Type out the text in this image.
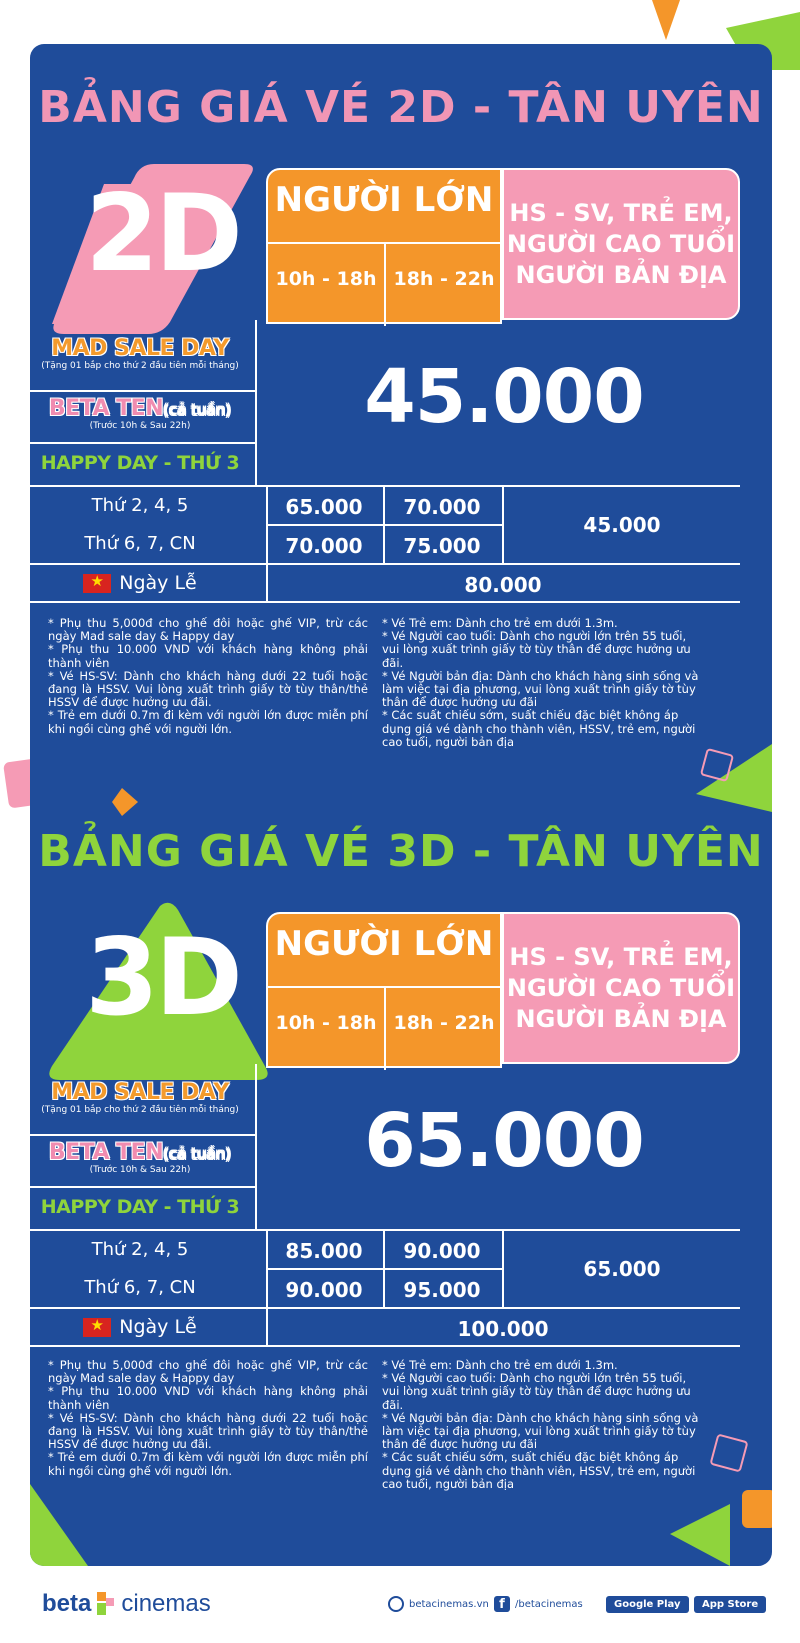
BẢNG GIÁ VÉ 2D - TÂN UYÊN
2D	NGƯỜI LỚN
10h - 18h 18h - 22h
HS - SV, TRẺ EM,
NGƯỜI CAO TUỔI
NGƯỜI BẢN ĐỊA
MAD SALE DAY
(Tặng 01 bắp cho thứ 2 đầu tiên mỗi tháng)
BETA TEN(cả tuần)
(Trước 10h & Sau 22h)
HAPPY DAY - THỨ 3
45.000
Thứ 2, 4, 5	65.000	70.000
Thứ 6, 7, CN	70.000	75.000
45.000
★
Ngày Lễ	80.000

* Phụ thu 5,000đ cho ghế đôi hoặc ghế VIP, trừ các ngày Mad sale day & Happy day

* Phụ thu 10.000 VND với khách hàng không phải thành viên

* Vé HS-SV: Dành cho khách hàng dưới 22 tuổi hoặc đang là HSSV. Vui lòng xuất trình giấy tờ tùy thân/thẻ HSSV để được hưởng ưu đãi.

* Trẻ em dưới 0.7m đi kèm với người lớn được miễn phí khi ngồi cùng ghế với người lớn.

* Vé Trẻ em: Dành cho trẻ em dưới 1.3m.

* Vé Người cao tuổi: Dành cho người lớn trên 55 tuổi, vui lòng xuất trình giấy tờ tùy thân để được hưởng ưu đãi.

* Vé Người bản địa: Dành cho khách hàng sinh sống và làm việc tại địa phương, vui lòng xuất trình giấy tờ tùy thân để được hưởng ưu đãi

* Các suất chiếu sớm, suất chiếu đặc biệt không áp dụng giá vé dành cho thành viên, HSSV, trẻ em, người cao tuổi, người bản địa

BẢNG GIÁ VÉ 3D - TÂN UYÊN
3D	NGƯỜI LỚN
10h - 18h 18h - 22h
HS - SV, TRẺ EM,
NGƯỜI CAO TUỔI
NGƯỜI BẢN ĐỊA
MAD SALE DAY
(Tặng 01 bắp cho thứ 2 đầu tiên mỗi tháng)
BETA TEN(cả tuần)
(Trước 10h & Sau 22h)
HAPPY DAY - THỨ 3
65.000
Thứ 2, 4, 5	85.000	90.000
Thứ 6, 7, CN	90.000	95.000
65.000
★
Ngày Lễ	100.000

* Phụ thu 5,000đ cho ghế đôi hoặc ghế VIP, trừ các ngày Mad sale day & Happy day

* Phụ thu 10.000 VND với khách hàng không phải thành viên

* Vé HS-SV: Dành cho khách hàng dưới 22 tuổi hoặc đang là HSSV. Vui lòng xuất trình giấy tờ tùy thân/thẻ HSSV để được hưởng ưu đãi.

* Trẻ em dưới 0.7m đi kèm với người lớn được miễn phí khi ngồi cùng ghế với người lớn.

* Vé Trẻ em: Dành cho trẻ em dưới 1.3m.

* Vé Người cao tuổi: Dành cho người lớn trên 55 tuổi, vui lòng xuất trình giấy tờ tùy thân để được hưởng ưu đãi.

* Vé Người bản địa: Dành cho khách hàng sinh sống và làm việc tại địa phương, vui lòng xuất trình giấy tờ tùy thân để được hưởng ưu đãi

* Các suất chiếu sớm, suất chiếu đặc biệt không áp dụng giá vé dành cho thành viên, HSSV, trẻ em, người cao tuổi, người bản địa

beta cinemas	betacinemas.vn f	/betacinemas	Google Play	App Store
